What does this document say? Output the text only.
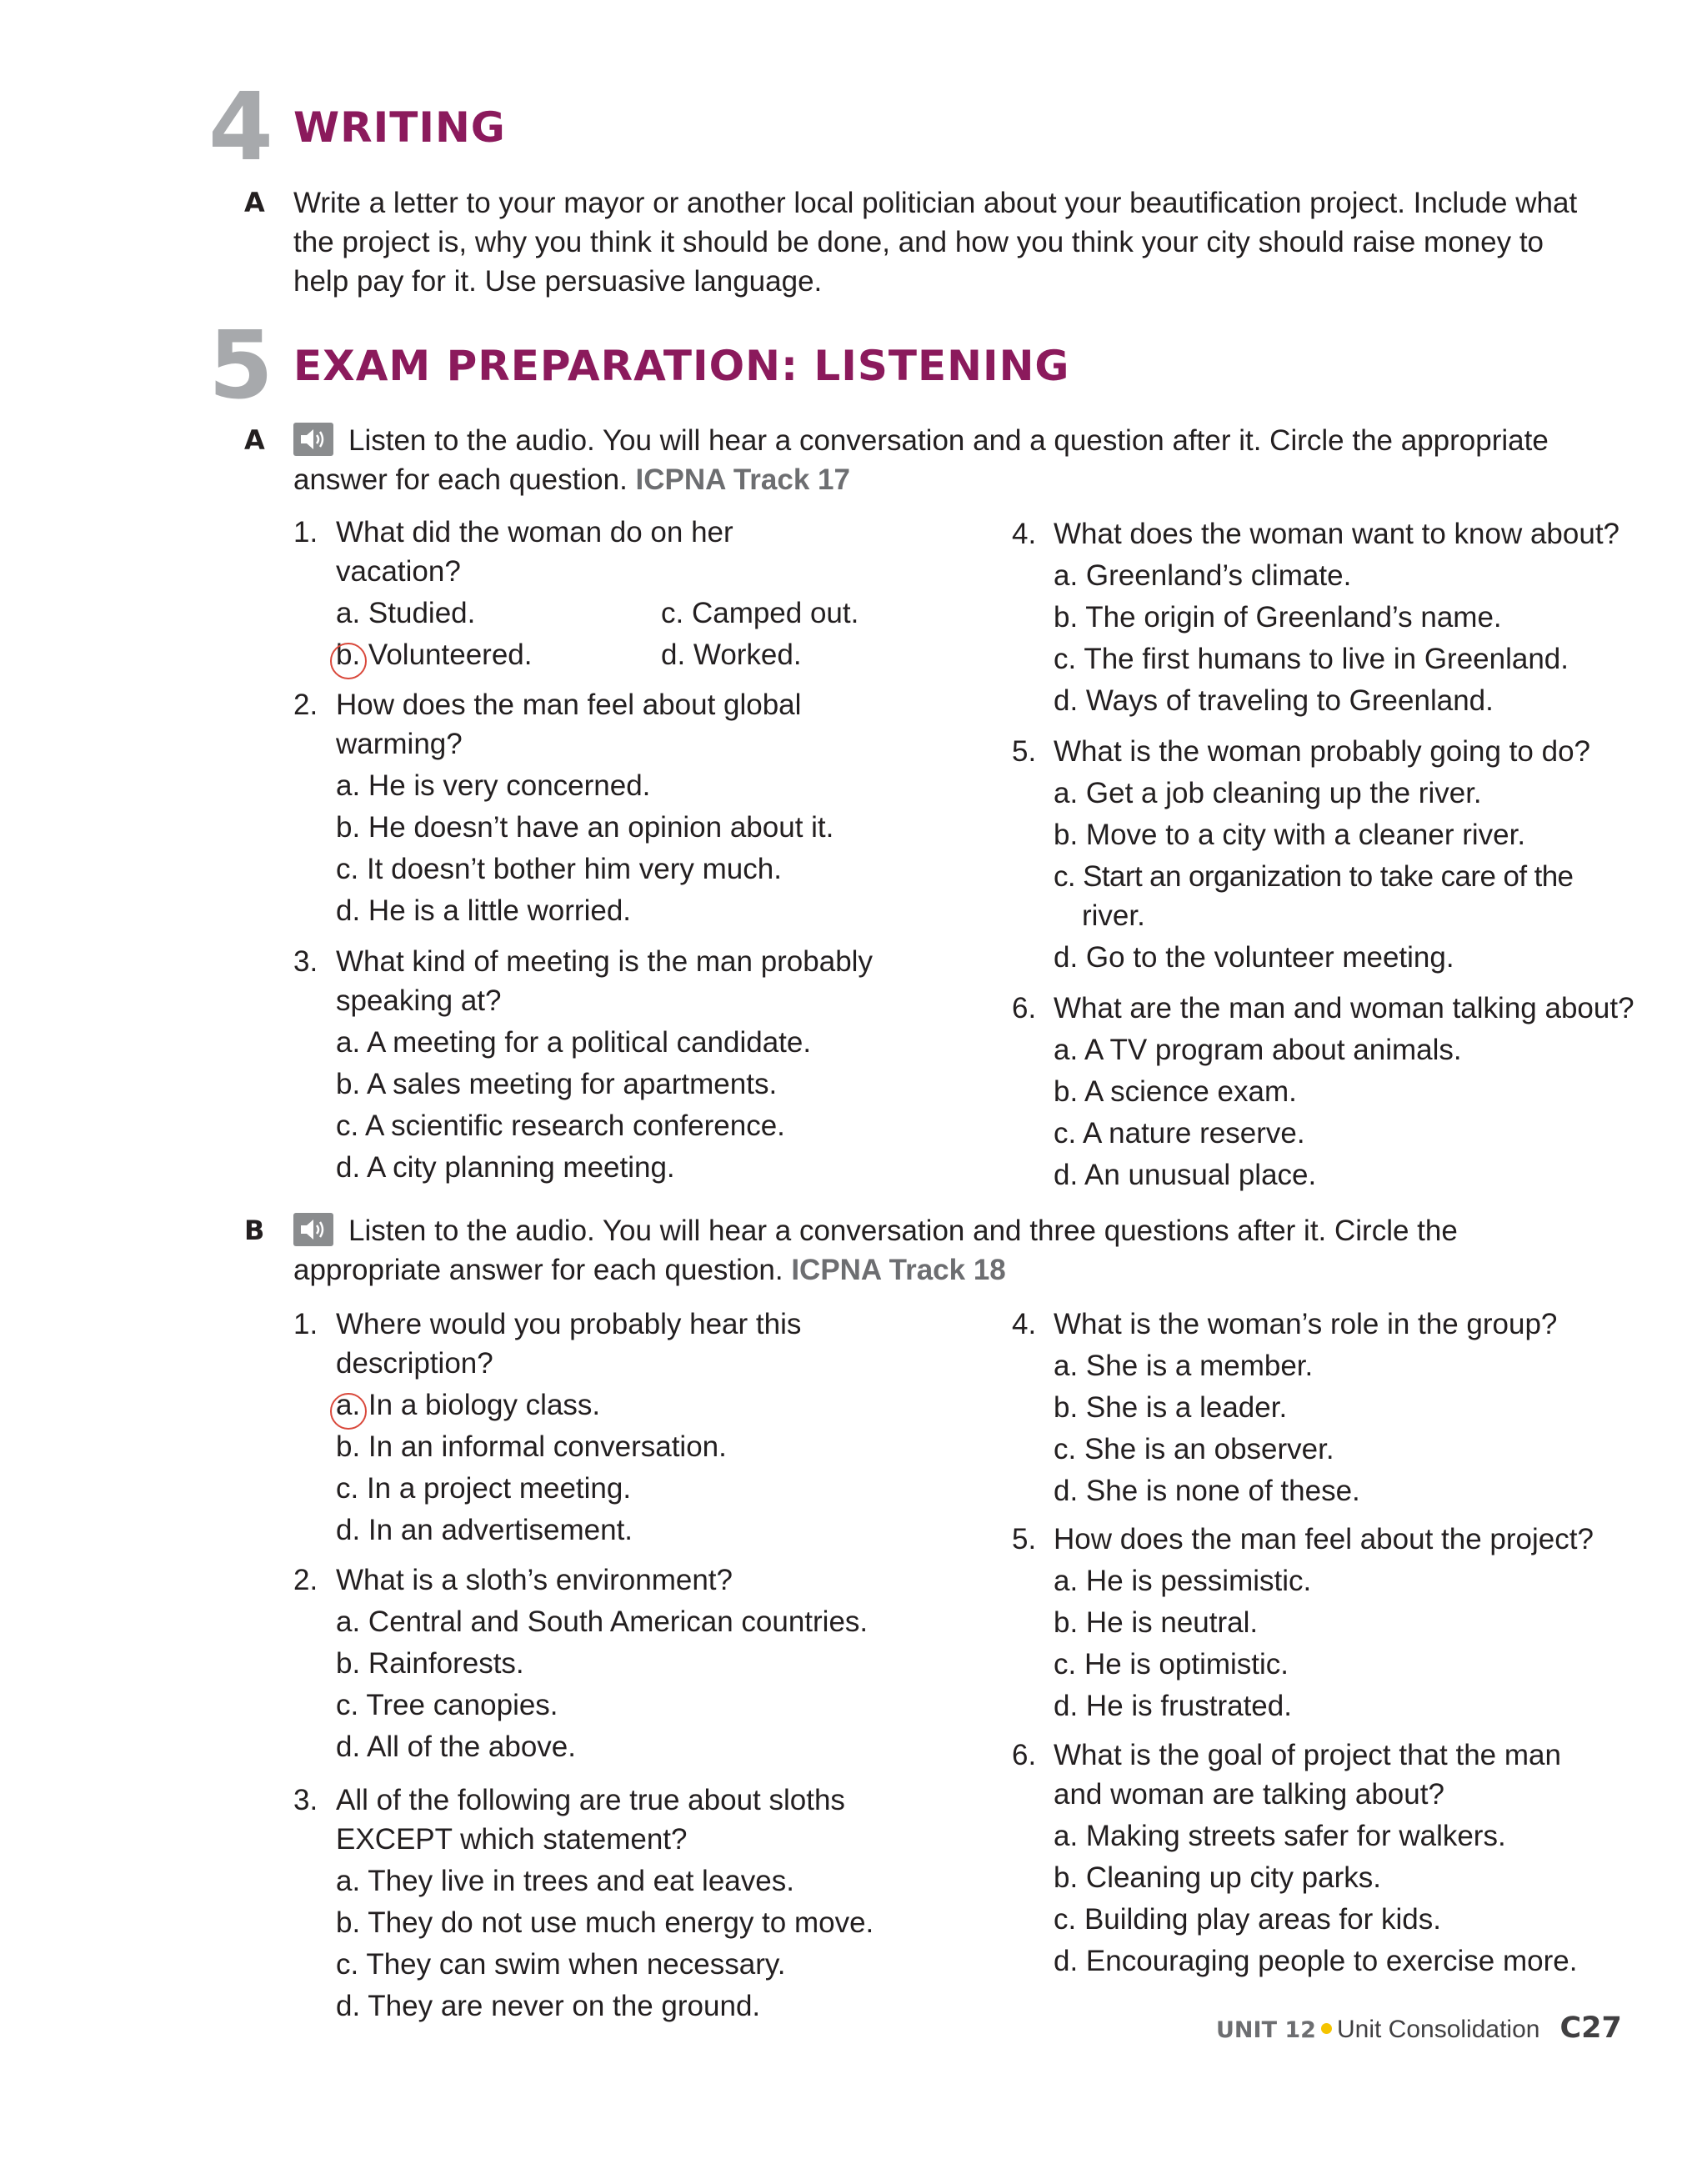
4 WRITING
A Write a letter to your mayor or another local politician about your beautification project. Include what
the project is, why you think it should be done, and how you think your city should raise money to
help pay for it. Use persuasive language.
5 EXAM PREPARATION: LISTENING
A	Listen to the audio. You will hear a conversation and a question after it. Circle the appropriate
answer for each question. ICPNA Track 17
1. What did the woman do on her
vacation?
a. Studied.	c. Camped out.
b. Volunteered.	d. Worked.
2. How does the man feel about global
warming?
a. He is very concerned.
b. He doesn’t have an opinion about it.
c. It doesn’t bother him very much.
d. He is a little worried.
3. What kind of meeting is the man probably
speaking at?
a. A meeting for a political candidate.
b. A sales meeting for apartments.
c. A scientific research conference.
d. A city planning meeting.
4. What does the woman want to know about?
a. Greenland’s climate.
b. The origin of Greenland’s name.
c. The first humans to live in Greenland.
d. Ways of traveling to Greenland.
5. What is the woman probably going to do?
a. Get a job cleaning up the river.
b. Move to a city with a cleaner river.
c. Start an organization to take care of the
river.
d. Go to the volunteer meeting.
6. What are the man and woman talking about?
a. A TV program about animals.
b. A science exam.
c. A nature reserve.
d. An unusual place.
B	Listen to the audio. You will hear a conversation and three questions after it. Circle the
appropriate answer for each question. ICPNA Track 18
1. Where would you probably hear this
description?
a. In a biology class.
b. In an informal conversation.
c. In a project meeting.
d. In an advertisement.
2. What is a sloth’s environment?
a. Central and South American countries.
b. Rainforests.
c. Tree canopies.
d. All of the above.
3. All of the following are true about sloths
EXCEPT which statement?
a. They live in trees and eat leaves.
b. They do not use much energy to move.
c. They can swim when necessary.
d. They are never on the ground.
4. What is the woman’s role in the group?
a. She is a member.
b. She is a leader.
c. She is an observer.
d. She is none of these.
5. How does the man feel about the project?
a. He is pessimistic.
b. He is neutral.
c. He is optimistic.
d. He is frustrated.
6. What is the goal of project that the man
and woman are talking about?
a. Making streets safer for walkers.
b. Cleaning up city parks.
c. Building play areas for kids.
d. Encouraging people to exercise more.
UNIT 12 Unit Consolidation C27
